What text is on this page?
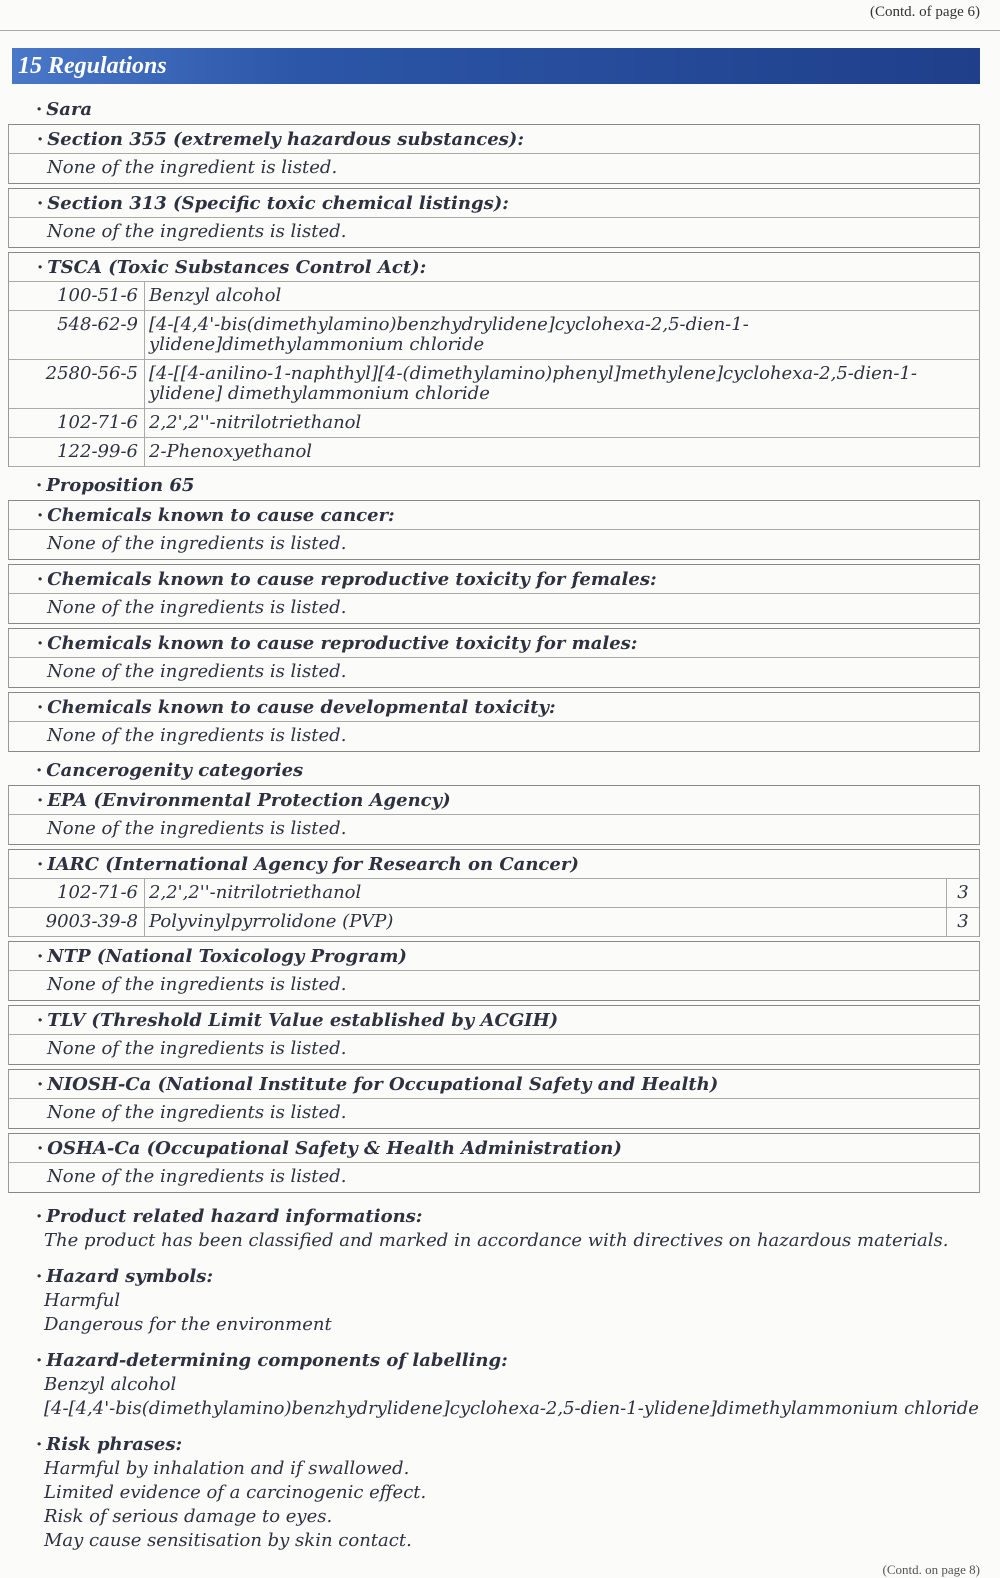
(Contd. of page 6)
15 Regulations
· Sara
· Section 355 (extremely hazardous substances):
None of the ingredient is listed.
· Section 313 (Specific toxic chemical listings):
None of the ingredients is listed.
· TSCA (Toxic Substances Control Act):
100-51-6	Benzyl alcohol
548-62-9	[4-[4,4'-bis(dimethylamino)benzhydrylidene]cyclohexa-2,5-dien-1-ylidene]dimethylammonium chloride
2580-56-5	[4-[[4-anilino-1-naphthyl][4-(dimethylamino)phenyl]methylene]cyclohexa-2,5-dien-1-ylidene] dimethylammonium chloride
102-71-6	2,2',2''-nitrilotriethanol
122-99-6	2-Phenoxyethanol
· Proposition 65
· Chemicals known to cause cancer:
None of the ingredients is listed.
· Chemicals known to cause reproductive toxicity for females:
None of the ingredients is listed.
· Chemicals known to cause reproductive toxicity for males:
None of the ingredients is listed.
· Chemicals known to cause developmental toxicity:
None of the ingredients is listed.
· Cancerogenity categories
· EPA (Environmental Protection Agency)
None of the ingredients is listed.
· IARC (International Agency for Research on Cancer)
102-71-6	2,2',2''-nitrilotriethanol	3
9003-39-8	Polyvinylpyrrolidone (PVP)	3
· NTP (National Toxicology Program)
None of the ingredients is listed.
· TLV (Threshold Limit Value established by ACGIH)
None of the ingredients is listed.
· NIOSH-Ca (National Institute for Occupational Safety and Health)
None of the ingredients is listed.
· OSHA-Ca (Occupational Safety & Health Administration)
None of the ingredients is listed.
· Product related hazard informations:
The product has been classified and marked in accordance with directives on hazardous materials.
· Hazard symbols:
Harmful
Dangerous for the environment
· Hazard-determining components of labelling:
Benzyl alcohol
[4-[4,4'-bis(dimethylamino)benzhydrylidene]cyclohexa-2,5-dien-1-ylidene]dimethylammonium chloride
· Risk phrases:
Harmful by inhalation and if swallowed.
Limited evidence of a carcinogenic effect.
Risk of serious damage to eyes.
May cause sensitisation by skin contact.
(Contd. on page 8)
